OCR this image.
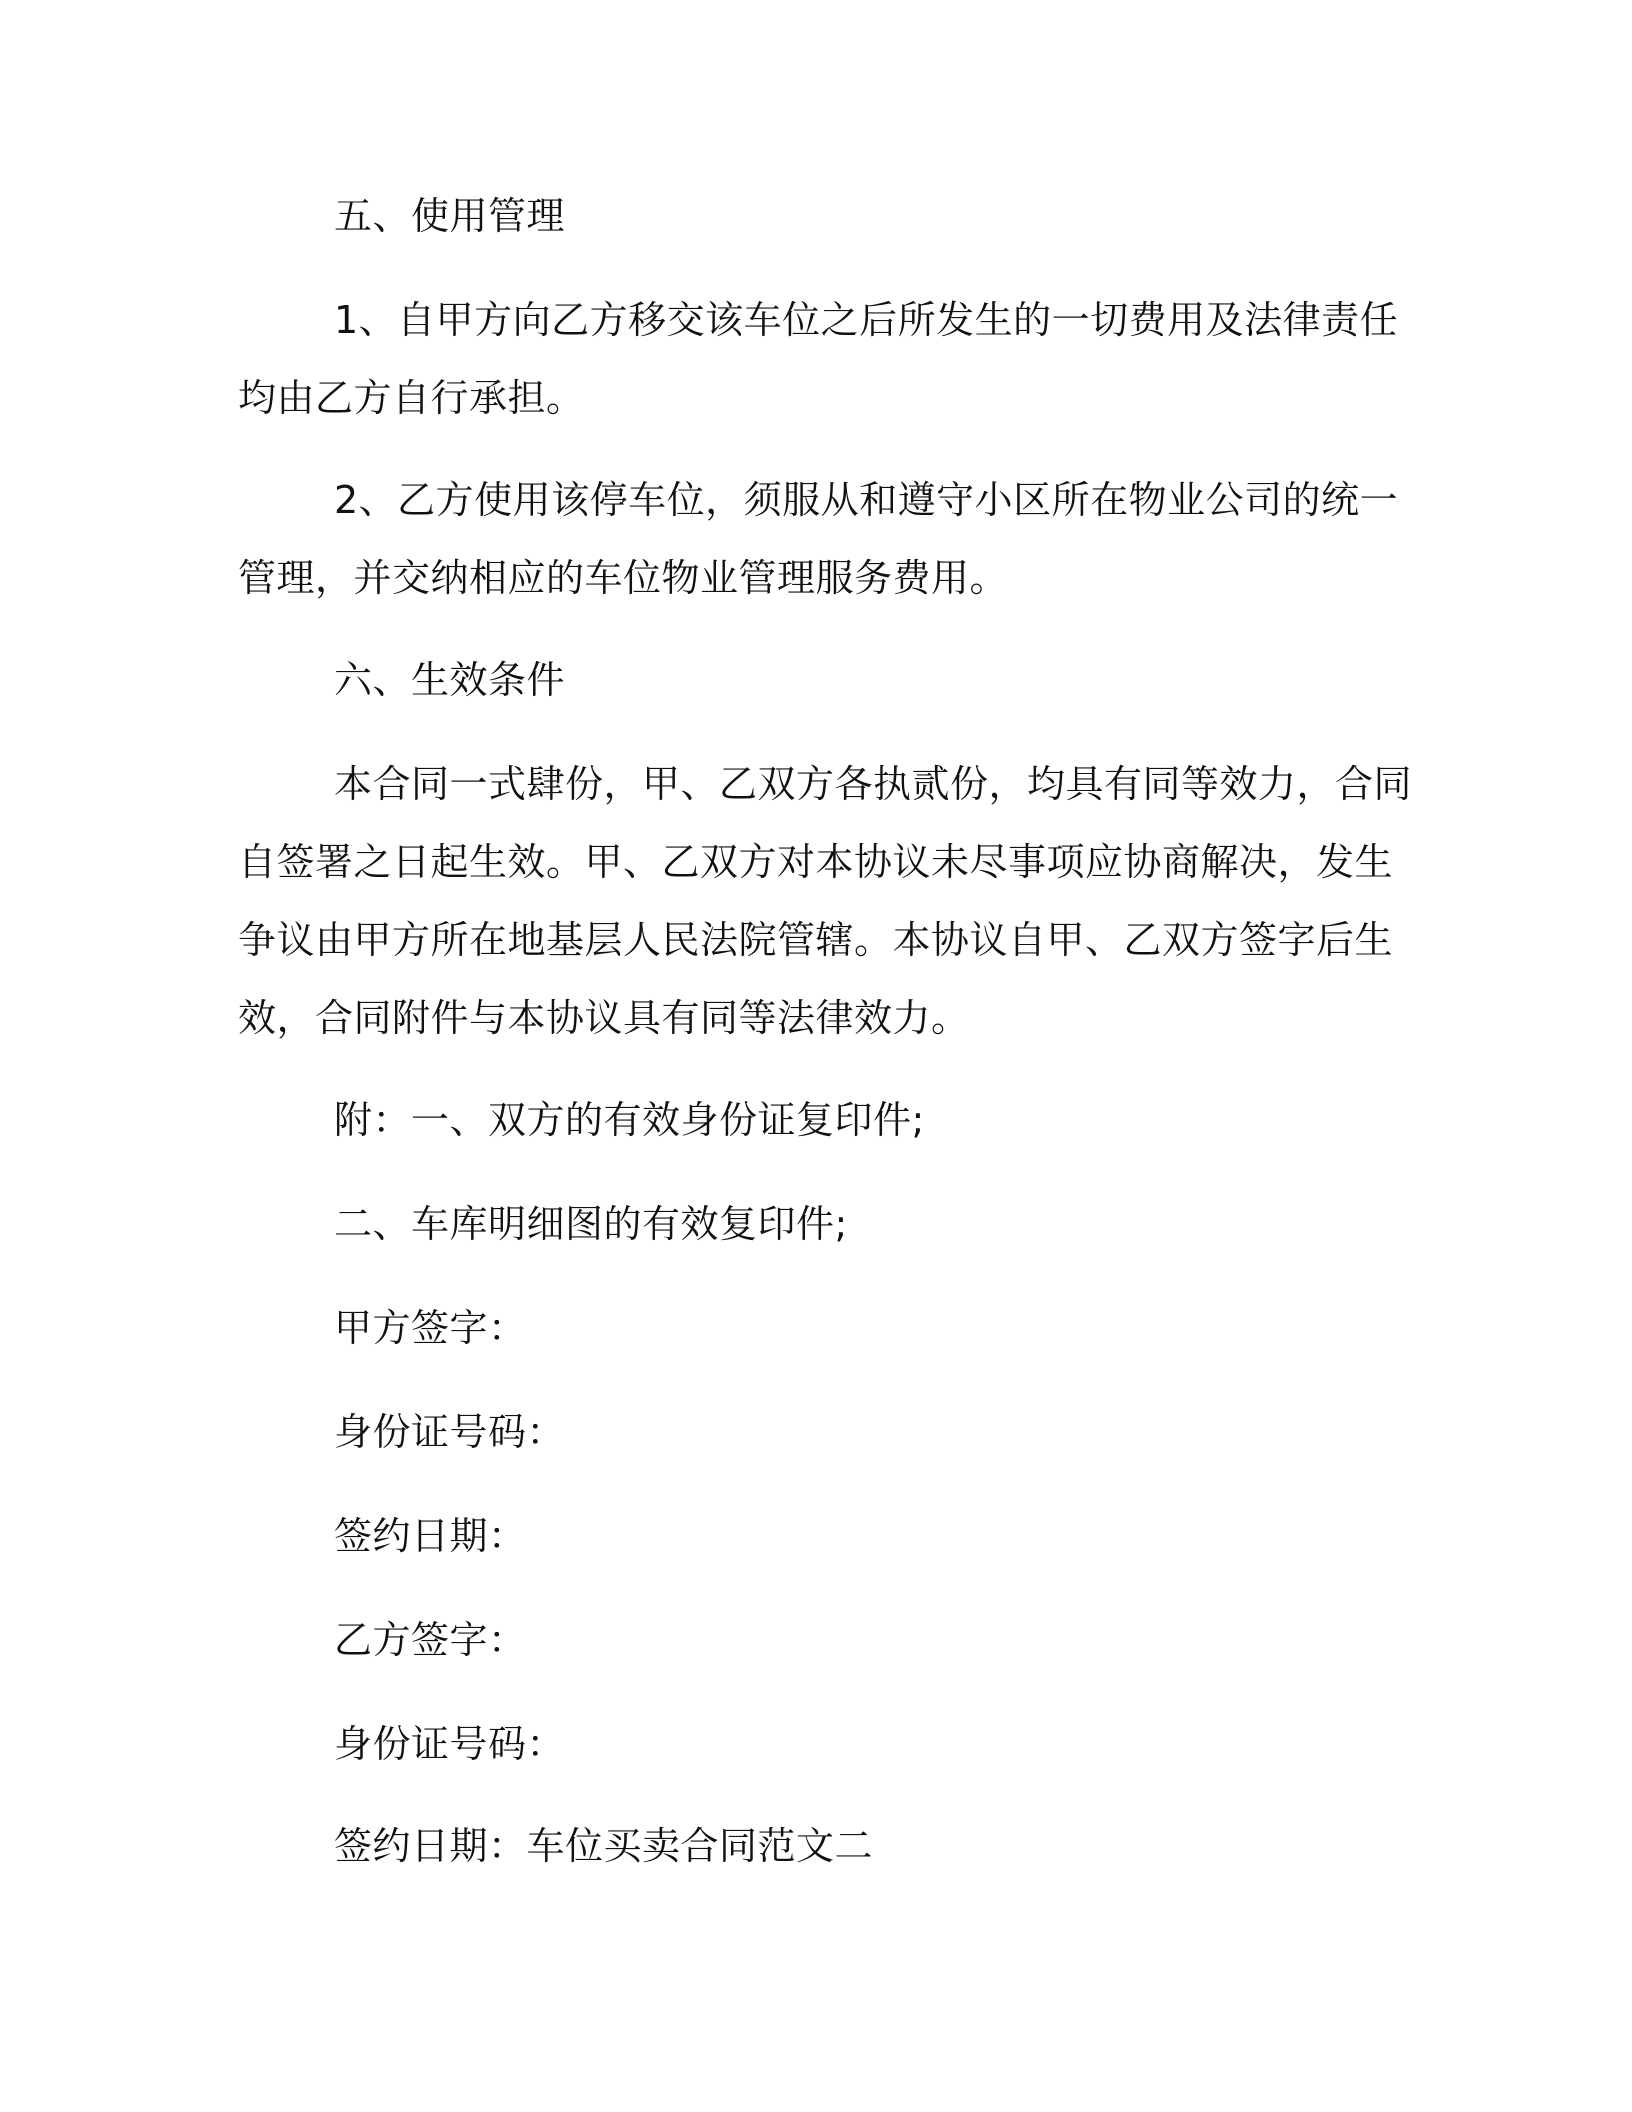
五、使用管理
1、自甲方向乙方移交该车位之后所发生的一切费用及法律责任
均由乙方自行承担。
2、乙方使用该停车位，须服从和遵守小区所在物业公司的统一
管理，并交纳相应的车位物业管理服务费用。
六、生效条件
本合同一式肆份，甲、乙双方各执贰份，均具有同等效力，合同
自签署之日起生效。甲、乙双方对本协议未尽事项应协商解决，发生
争议由甲方所在地基层人民法院管辖。本协议自甲、乙双方签字后生
效，合同附件与本协议具有同等法律效力。
附：一、双方的有效身份证复印件;
二、车库明细图的有效复印件;
甲方签字：
身份证号码：
签约日期：
乙方签字：
身份证号码：
签约日期：车位买卖合同范文二
